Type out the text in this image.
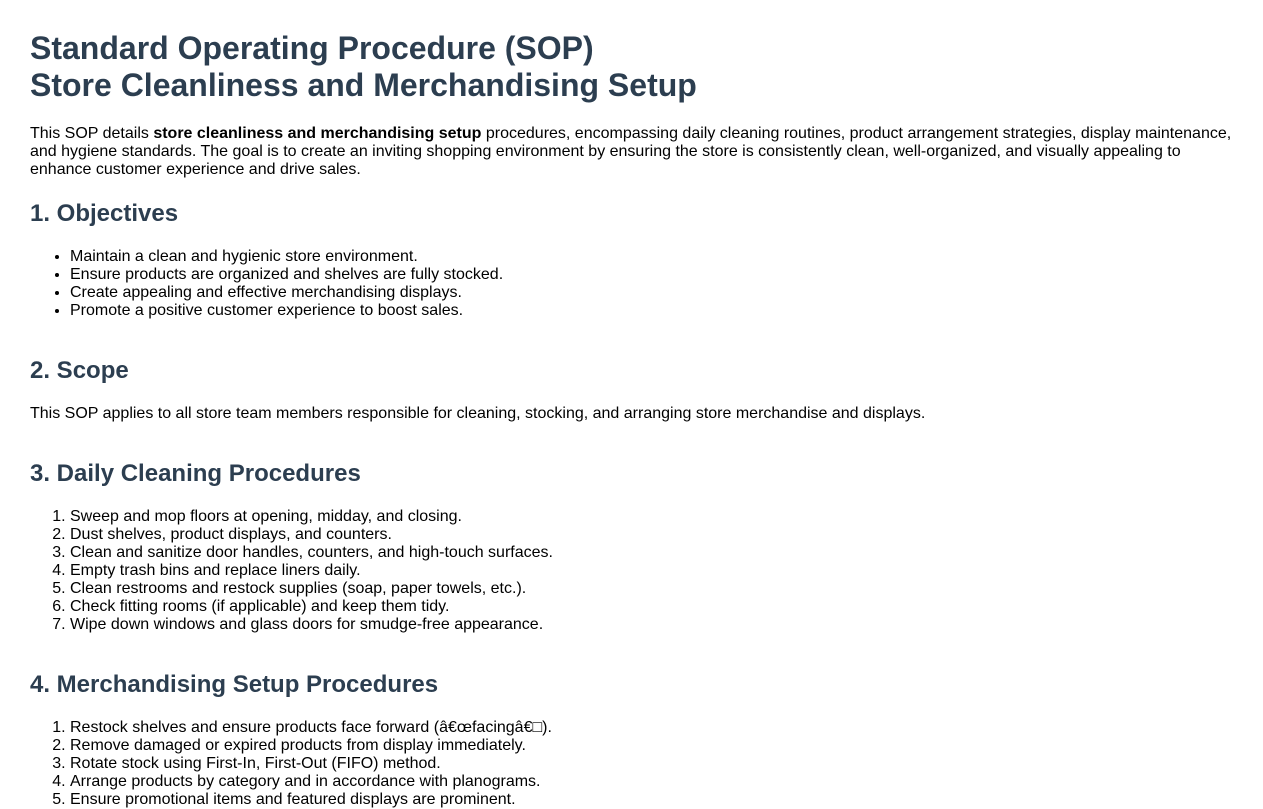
Standard Operating Procedure (SOP)
Store Cleanliness and Merchandising Setup

This SOP details store cleanliness and merchandising setup procedures, encompassing daily cleaning routines, product arrangement strategies, display maintenance, and hygiene standards. The goal is to create an inviting shopping environment by ensuring the store is consistently clean, well-organized, and visually appealing to enhance customer experience and drive sales.

1. Objectives
• Maintain a clean and hygienic store environment.
• Ensure products are organized and shelves are fully stocked.
• Create appealing and effective merchandising displays.
• Promote a positive customer experience to boost sales.
2. Scope

This SOP applies to all store team members responsible for cleaning, stocking, and arranging store merchandise and displays.

3. Daily Cleaning Procedures
1. Sweep and mop floors at opening, midday, and closing.
2. Dust shelves, product displays, and counters.
3. Clean and sanitize door handles, counters, and high-touch surfaces.
4. Empty trash bins and replace liners daily.
5. Clean restrooms and restock supplies (soap, paper towels, etc.).
6. Check fitting rooms (if applicable) and keep them tidy.
7. Wipe down windows and glass doors for smudge-free appearance.
4. Merchandising Setup Procedures
1. Restock shelves and ensure products face forward (â€œfacingâ€□).
2. Remove damaged or expired products from display immediately.
3. Rotate stock using First-In, First-Out (FIFO) method.
4. Arrange products by category and in accordance with planograms.
5. Ensure promotional items and featured displays are prominent.
